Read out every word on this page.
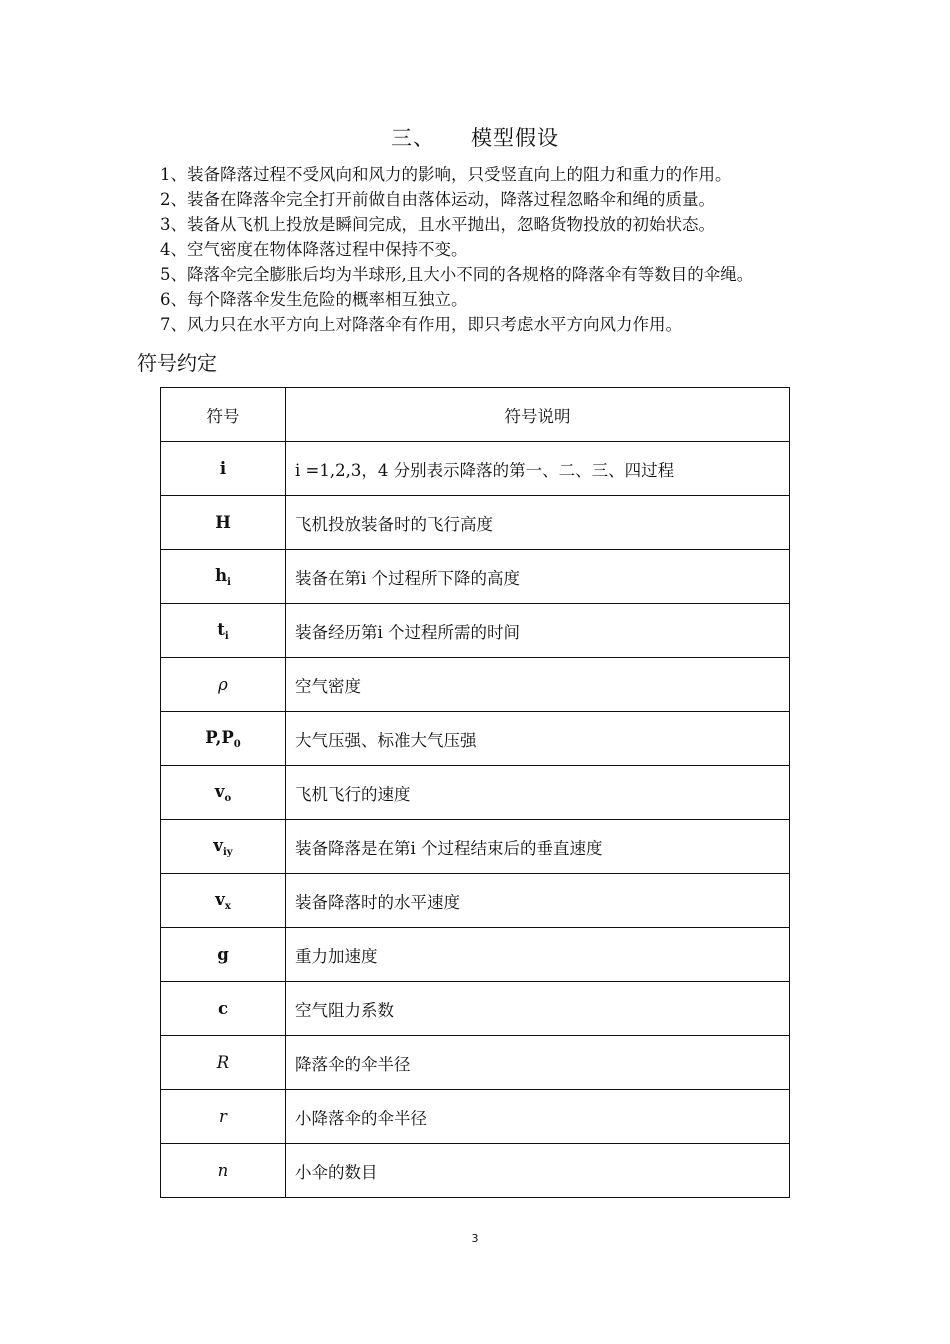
三、 模型假设
1、装备降落过程不受风向和风力的影响，只受竖直向上的阻力和重力的作用。
2、装备在降落伞完全打开前做自由落体运动，降落过程忽略伞和绳的质量。
3、装备从飞机上投放是瞬间完成，且水平抛出，忽略货物投放的初始状态。
4、空气密度在物体降落过程中保持不变。
5、降落伞完全膨胀后均为半球形,且大小不同的各规格的降落伞有等数目的伞绳。
6、每个降落伞发生危险的概率相互独立。
7、风力只在水平方向上对降落伞有作用，即只考虑水平方向风力作用。
符号约定
符号	符号说明
i	i =1,2,3，4 分别表示降落的第一、二、三、四过程
H	飞机投放装备时的飞行高度
$h_i$	装备在第i 个过程所下降的高度
$t_i$	装备经历第i 个过程所需的时间
ρ	空气密度
$P,P_0$	大气压强、标准大气压强
$v_o$	飞机飞行的速度
$v_{iy}$	装备降落是在第i 个过程结束后的垂直速度
$v_x$	装备降落时的水平速度
g	重力加速度
c	空气阻力系数
R	降落伞的伞半径
r	小降落伞的伞半径
n	小伞的数目
3
